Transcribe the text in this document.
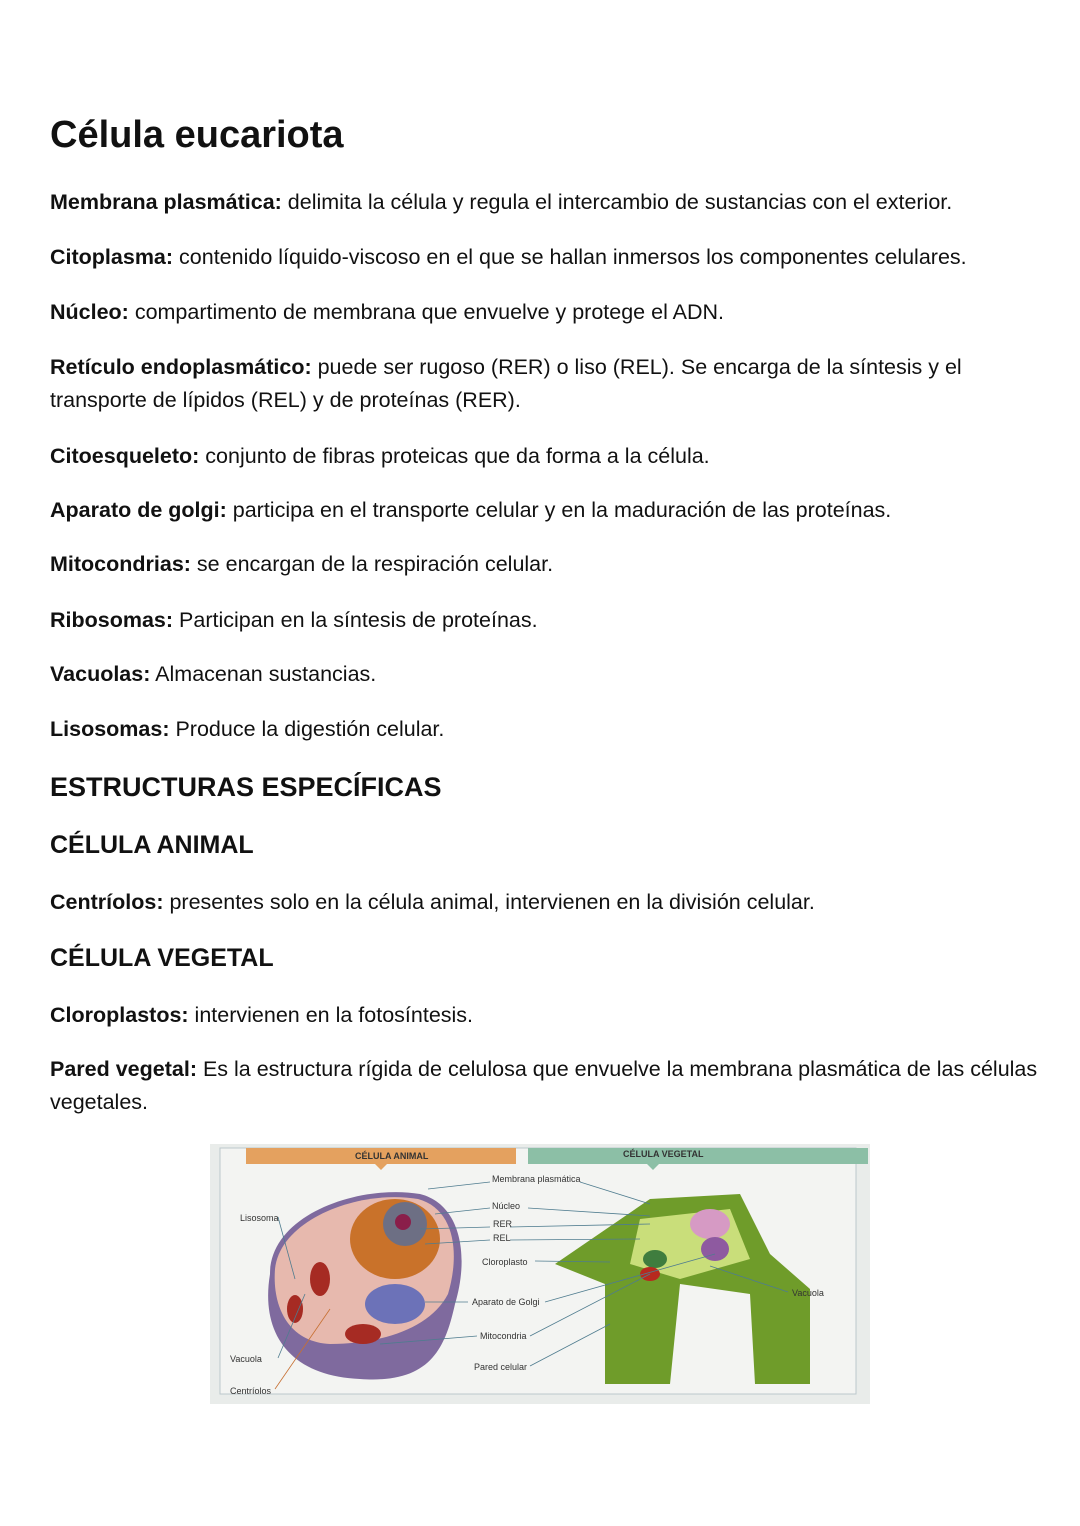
Célula eucariota

Membrana plasmática: delimita la célula y regula el intercambio de sustancias con el exterior.

Citoplasma: contenido líquido-viscoso en el que se hallan inmersos los componentes celulares.

Núcleo: compartimento de membrana que envuelve y protege el ADN.

Retículo endoplasmático: puede ser rugoso (RER) o liso (REL). Se encarga de la síntesis y el transporte de lípidos (REL) y de proteínas (RER).

Citoesqueleto: conjunto de fibras proteicas que da forma a la célula.

Aparato de golgi: participa en el transporte celular y en la maduración de las proteínas.

Mitocondrias: se encargan de la respiración celular.

Ribosomas: Participan en la síntesis de proteínas.

Vacuolas: Almacenan sustancias.

Lisosomas: Produce la digestión celular.

ESTRUCTURAS ESPECÍFICAS
CÉLULA ANIMAL

Centríolos: presentes solo en la célula animal, intervienen en la división celular.

CÉLULA VEGETAL

Cloroplastos: intervienen en la fotosíntesis.

Pared vegetal: Es la estructura rígida de celulosa que envuelve la membrana plasmática de las células vegetales.

CÉLULA ANIMAL	CÉLULA VEGETAL
Membrana plasmática
Núcleo
RER
REL
Cloroplasto
Aparato de Golgi
Mitocondria
Pared celular
Lisosoma
Vacuola
Centríolos
Vacuola
